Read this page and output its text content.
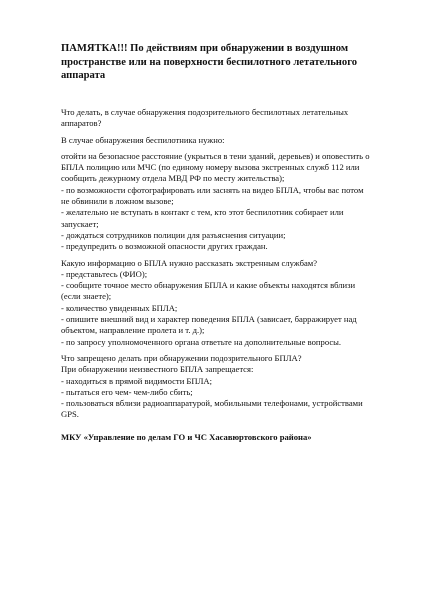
ПАМЯТКА!!! По действиям при обнаружении в воздушном пространстве или на поверхности беспилотного летательного аппарата

Что делать, в случае обнаружения подозрительного беспилотных летательных аппаратов?

В случае обнаружения беспилотника нужно:

отойти на безопасное расстояние (укрыться в тени зданий, деревьев) и оповестить о БПЛА полицию или МЧС (по единому номеру вызова экстренных служб 112 или сообщить дежурному отдела МВД РФ по месту жительства);

- по возможности сфотографировать или заснять на видео БПЛА, чтобы вас потом не обвинили в ложном вызове;

- желательно не вступать в контакт с тем, кто этот беспилотник собирает или запускает;

- дождаться сотрудников полиции для разъяснения ситуации;

- предупредить о возможной опасности других граждан.

Какую информацию о БПЛА нужно рассказать экстренным службам?

- представьтесь (ФИО);

- сообщите точное место обнаружения БПЛА и какие объекты находятся вблизи (если знаете);

- количество увиденных БПЛА;

- опишите внешний вид и характер поведения БПЛА (зависает, барражирует над объектом, направление пролета и т. д.);

- по запросу уполномоченного органа ответьте на дополнительные вопросы.

Что запрещено делать при обнаружении подозрительного БПЛА?

При обнаружении неизвестного БПЛА запрещается:

- находиться в прямой видимости БПЛА;

- пытаться его чем- чем-либо сбить;

- пользоваться вблизи радиоаппаратурой, мобильными телефонами, устройствами GPS.

МКУ «Управление по делам ГО и ЧС Хасавюртовского района»
